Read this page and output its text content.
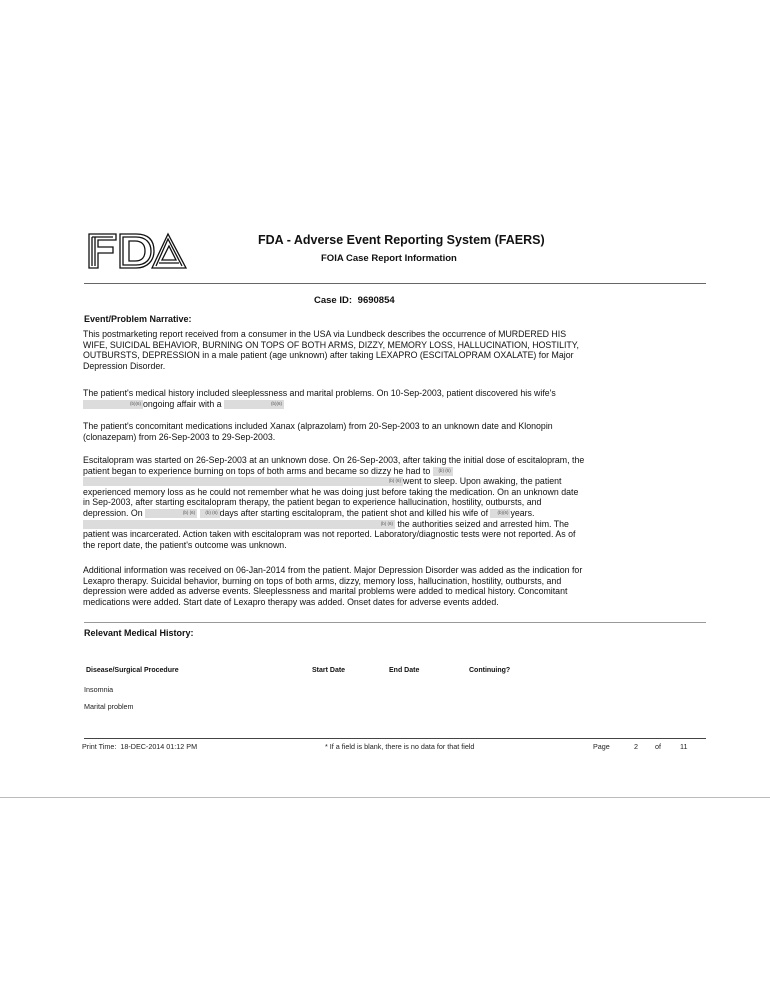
FDA - Adverse Event Reporting System (FAERS)
FOIA Case Report Information
Case ID: 9690854
Event/Problem Narrative:
This postmarketing report received from a consumer in the USA via Lundbeck describes the occurrence of MURDERED HIS WIFE, SUICIDAL BEHAVIOR, BURNING ON TOPS OF BOTH ARMS, DIZZY, MEMORY LOSS, HALLUCINATION, HOSTILITY, OUTBURSTS, DEPRESSION in a male patient (age unknown) after taking LEXAPRO (ESCITALOPRAM OXALATE) for Major Depression Disorder.
The patient's medical history included sleeplessness and marital problems. On 10-Sep-2003, patient discovered his wife's (b)(6) ongoing affair with a	(b)(6)
The patient's concomitant medications included Xanax (alprazolam) from 20-Sep-2003 to an unknown date and Klonopin (clonazepam) from 26-Sep-2003 to 29-Sep-2003.
Escitalopram was started on 26-Sep-2003 at an unknown dose. On 26-Sep-2003, after taking the initial dose of escitalopram, the patient began to experience burning on tops of both arms and became so dizzy he had to (b) (6) (b) (6) went to sleep. Upon awaking, the patient experienced memory loss as he could not remember what he was doing just before taking the medication. On an unknown date in Sep-2003, after starting escitalopram therapy, the patient began to experience hallucination, hostility, outbursts, and depression. On	(b) (6) (b) (6) days after starting escitalopram, the patient shot and killed his wife of (b)(6) years. (b) (6) the authorities seized and arrested him. The patient was incarcerated. Action taken with escitalopram was not reported. Laboratory/diagnostic tests were not reported. As of the report date, the patient's outcome was unknown.
Additional information was received on 06-Jan-2014 from the patient. Major Depression Disorder was added as the indication for Lexapro therapy. Suicidal behavior, burning on tops of both arms, dizzy, memory loss, hallucination, hostility, outbursts, and depression were added as adverse events. Sleeplessness and marital problems were added to medical history. Concomitant medications were added. Start date of Lexapro therapy was added. Onset dates for adverse events added.
Relevant Medical History:
Disease/Surgical Procedure	Start Date	End Date	Continuing?
Insomnia
Marital problem
Print Time: 18-DEC-2014 01:12 PM	* If a field is blank, there is no data for that field	Page	2 of	11
